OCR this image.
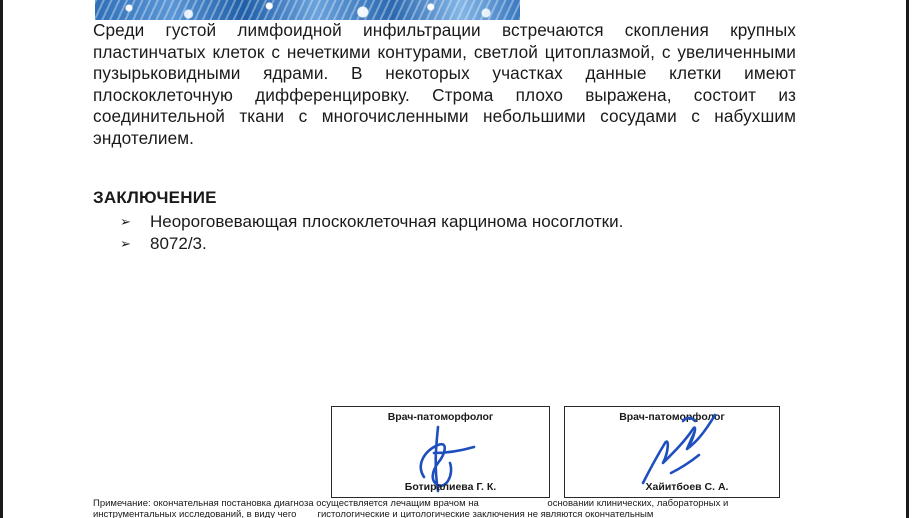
Среди густой лимфоидной инфильтрации встречаются скопления крупных пластинчатых клеток с нечеткими контурами, светлой цитоплазмой, с увеличенными пузырьковидными ядрами. В некоторых участках данные клетки имеют плоскоклеточную дифференцировку. Строма плохо выражена, состоит из соединительной ткани с многочисленными небольшими сосудами с набухшим эндотелием.

ЗАКЛЮЧЕНИЕ
➢	Неороговевающая плоскоклеточная карцинома носоглотки.
➢	8072/3.
Врач-патоморфолог
Ботиралиева Г. К.
Врач-патоморфолог
Хайитбоев С. А.

Примечание: окончательная постановка диагноза осуществляется лечащим врачом на	основании клинических, лабораторных и
инструментальных исследований, в виду чего гистологические и цитологические заключения не являются окончательным
